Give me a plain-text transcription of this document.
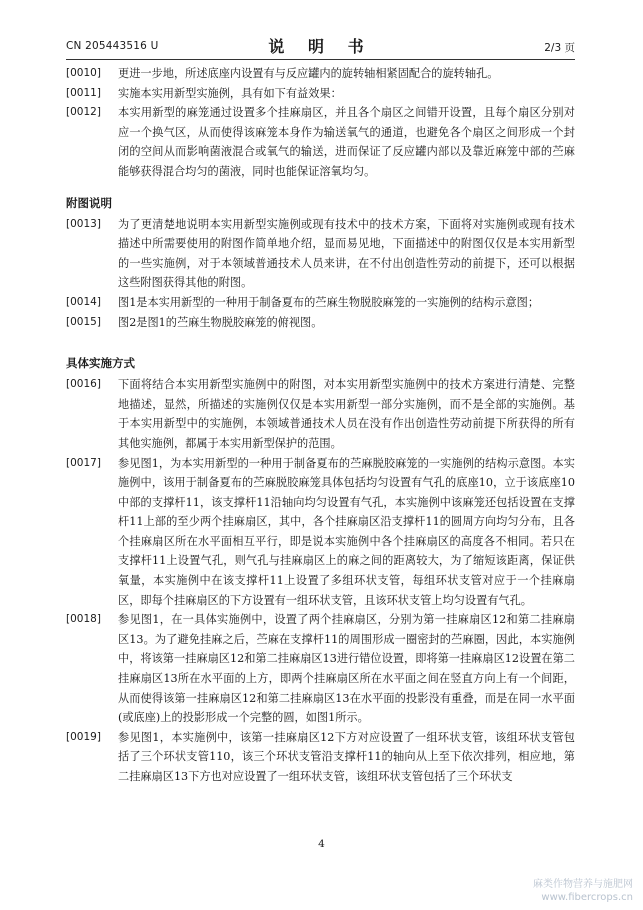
CN 205443516 U	说 明 书	2/3 页
[0010] 更进一步地，所述底座内设置有与反应罐内的旋转轴相紧固配合的旋转轴孔。
[0011] 实施本实用新型实施例，具有如下有益效果：
[0012] 本实用新型的麻笼通过设置多个挂麻扇区，并且各个扇区之间错开设置，且每个扇区分别对应一个换气区，从而使得该麻笼本身作为输送氧气的通道，也避免各个扇区之间形成一个封闭的空间从而影响菌液混合或氧气的输送，进而保证了反应罐内部以及靠近麻笼中部的苎麻能够获得混合均匀的菌液，同时也能保证溶氧均匀。
附图说明
[0013] 为了更清楚地说明本实用新型实施例或现有技术中的技术方案，下面将对实施例或现有技术描述中所需要使用的附图作简单地介绍，显而易见地，下面描述中的附图仅仅是本实用新型的一些实施例，对于本领域普通技术人员来讲，在不付出创造性劳动的前提下，还可以根据这些附图获得其他的附图。
[0014] 图1是本实用新型的一种用于制备夏布的苎麻生物脱胶麻笼的一实施例的结构示意图；
[0015] 图2是图1的苎麻生物脱胶麻笼的俯视图。
具体实施方式
[0016] 下面将结合本实用新型实施例中的附图，对本实用新型实施例中的技术方案进行清楚、完整地描述，显然，所描述的实施例仅仅是本实用新型一部分实施例，而不是全部的实施例。基于本实用新型中的实施例，本领域普通技术人员在没有作出创造性劳动前提下所获得的所有其他实施例，都属于本实用新型保护的范围。
[0017] 参见图1，为本实用新型的一种用于制备夏布的苎麻脱胶麻笼的一实施例的结构示意图。本实施例中，该用于制备夏布的苎麻脱胶麻笼具体包括均匀设置有气孔的底座10，立于该底座10中部的支撑杆11，该支撑杆11沿轴向均匀设置有气孔，本实施例中该麻笼还包括设置在支撑杆11上部的至少两个挂麻扇区，其中，各个挂麻扇区沿支撑杆11的圆周方向均匀分布，且各个挂麻扇区所在水平面相互平行，即是说本实施例中各个挂麻扇区的高度各不相同。若只在支撑杆11上设置气孔，则气孔与挂麻扇区上的麻之间的距离较大，为了缩短该距离，保证供氧量，本实施例中在该支撑杆11上设置了多组环状支管，每组环状支管对应于一个挂麻扇区，即每个挂麻扇区的下方设置有一组环状支管，且该环状支管上均匀设置有气孔。
[0018] 参见图1，在一具体实施例中，设置了两个挂麻扇区，分别为第一挂麻扇区12和第二挂麻扇区13。为了避免挂麻之后，苎麻在支撑杆11的周围形成一圈密封的苎麻圈，因此，本实施例中，将该第一挂麻扇区12和第二挂麻扇区13进行错位设置，即将第一挂麻扇区12设置在第二挂麻扇区13所在水平面的上方，即两个挂麻扇区所在水平面之间在竖直方向上有一个间距，从而使得该第一挂麻扇区12和第二挂麻扇区13在水平面的投影没有重叠，而是在同一水平面(或底座)上的投影形成一个完整的圆，如图1所示。
[0019] 参见图1，本实施例中，该第一挂麻扇区12下方对应设置了一组环状支管，该组环状支管包括了三个环状支管110，该三个环状支管沿支撑杆11的轴向从上至下依次排列，相应地，第二挂麻扇区13下方也对应设置了一组环状支管，该组环状支管包括了三个环状支
4
麻类作物营养与施肥网
www.fibercrops.cn
